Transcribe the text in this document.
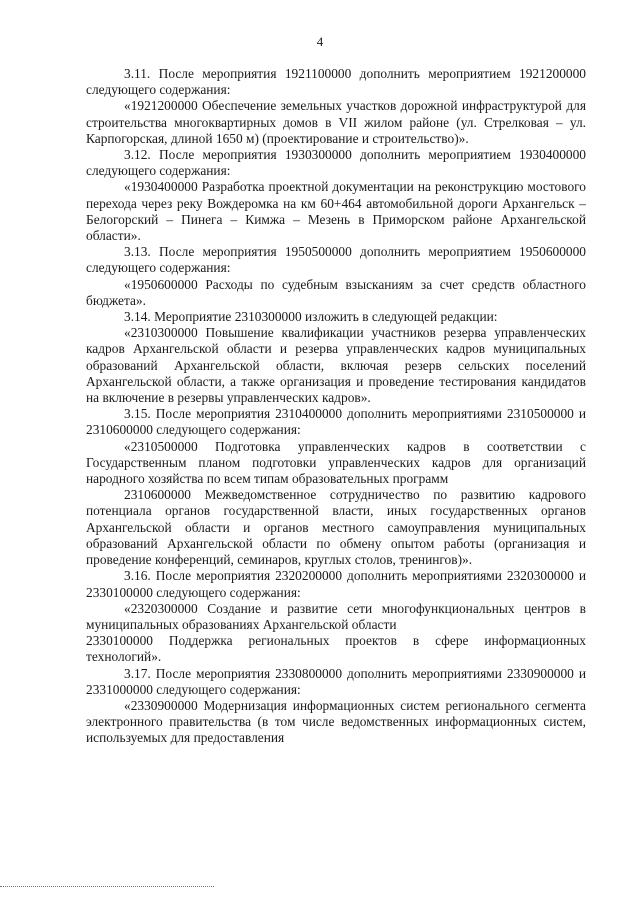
4

3.11. После мероприятия 1921100000 дополнить мероприятием 1921200000 следующего содержания:

«1921200000 Обеспечение земельных участков дорожной инфраструктурой для строительства многоквартирных домов в VII жилом районе (ул. Стрелковая – ул. Карпогорская, длиной 1650 м) (проектирование и строительство)».

3.12. После мероприятия 1930300000 дополнить мероприятием 1930400000 следующего содержания:

«1930400000 Разработка проектной документации на реконструкцию мостового перехода через реку Вождеромка на км 60+464 автомобильной дороги Архангельск – Белогорский – Пинега – Кимжа – Мезень в Приморском районе Архангельской области».

3.13. После мероприятия 1950500000 дополнить мероприятием 1950600000 следующего содержания:

«1950600000 Расходы по судебным взысканиям за счет средств областного бюджета».

3.14. Мероприятие 2310300000 изложить в следующей редакции:

«2310300000 Повышение квалификации участников резерва управленческих кадров Архангельской области и резерва управленческих кадров муниципальных образований Архангельской области, включая резерв сельских поселений Архангельской области, а также организация и проведение тестирования кандидатов на включение в резервы управленческих кадров».

3.15. После мероприятия 2310400000 дополнить мероприятиями 2310500000 и 2310600000 следующего содержания:

«2310500000 Подготовка управленческих кадров в соответствии с Государственным планом подготовки управленческих кадров для организаций народного хозяйства по всем типам образовательных программ

2310600000 Межведомственное сотрудничество по развитию кадрового потенциала органов государственной власти, иных государственных органов Архангельской области и органов местного самоуправления муниципальных образований Архангельской области по обмену опытом работы (организация и проведение конференций, семинаров, круглых столов, тренингов)».

3.16. После мероприятия 2320200000 дополнить мероприятиями 2320300000 и 2330100000 следующего содержания:

«2320300000 Создание и развитие сети многофункциональных центров в муниципальных образованиях Архангельской области

2330100000 Поддержка региональных проектов в сфере информационных технологий».

3.17. После мероприятия 2330800000 дополнить мероприятиями 2330900000 и 2331000000 следующего содержания:

«2330900000 Модернизация информационных систем регионального сегмента электронного правительства (в том числе ведомственных информационных систем, используемых для предоставления
